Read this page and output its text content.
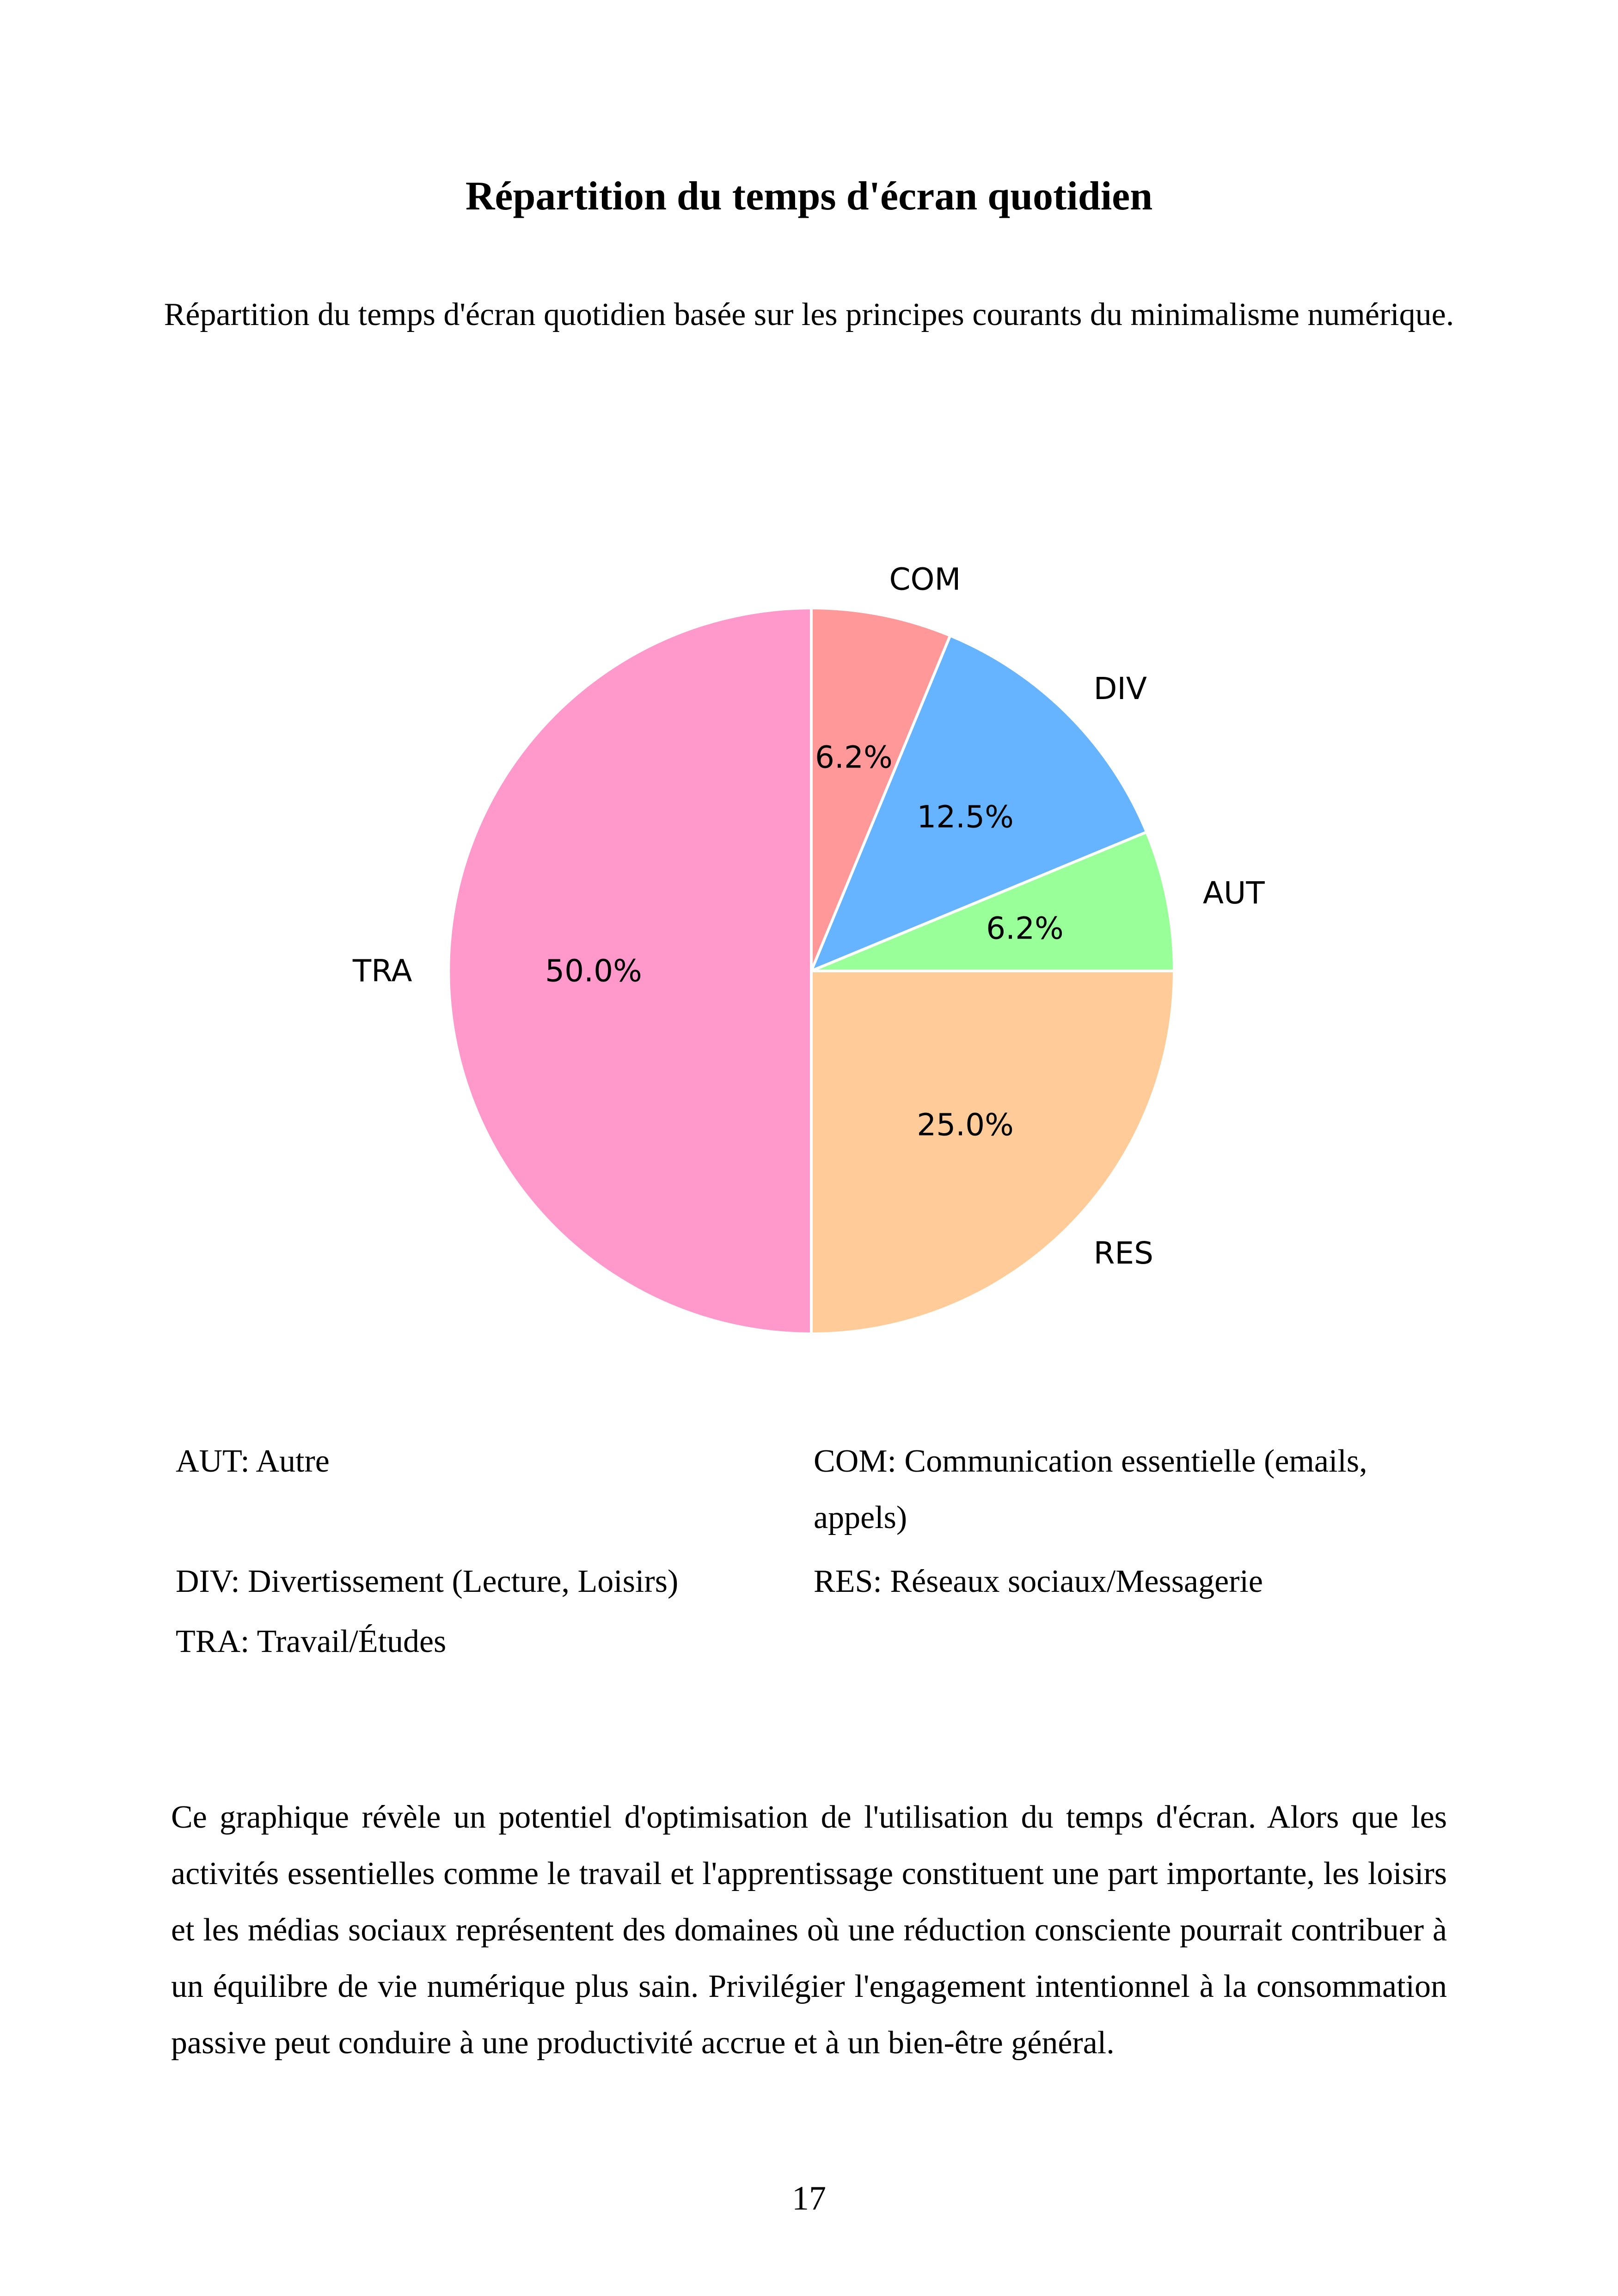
Répartition du temps d'écran quotidien
Répartition du temps d'écran quotidien basée sur les principes courants du minimalisme numérique.
6.2%
COM
12.5%
DIV
6.2%
AUT
25.0%
RES
50.0%
TRA
AUT: Autre	COM: Communication essentielle (emails, appels)
DIV: Divertissement (Lecture, Loisirs)	RES: Réseaux sociaux/Messagerie
TRA: Travail/Études
Ce graphique révèle un potentiel d'optimisation de l'utilisation du temps d'écran. Alors que les activités essentielles comme le travail et l'apprentissage constituent une part importante, les loisirs et les médias sociaux représentent des domaines où une réduction consciente pourrait contribuer à un équilibre de vie numérique plus sain. Privilégier l'engagement intentionnel à la consommation passive peut conduire à une productivité accrue et à un bien-être général.
17
